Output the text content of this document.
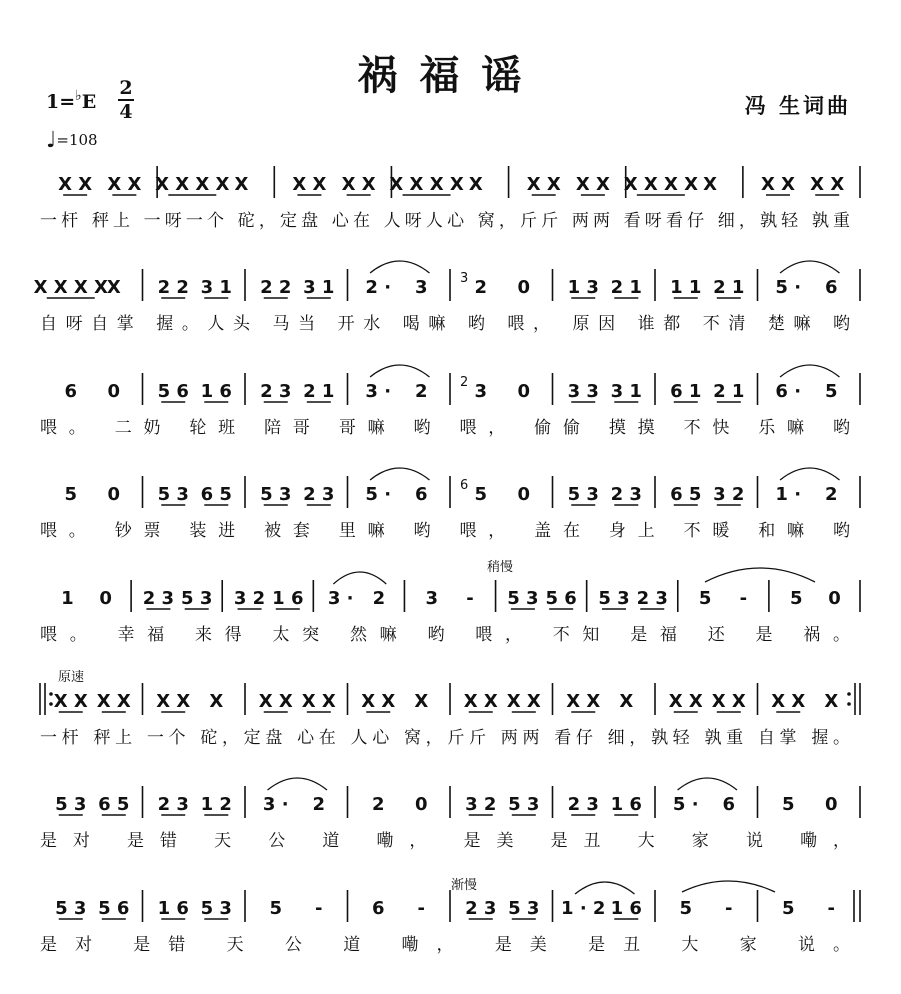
祸福谣
冯 生词曲
1=♭E
2
4
♩=108
X X X X X X X X X X X X X X X X X X X X X X X X X X X X X X X
一杆 秤上 一呀一个 砣，定盘 心在 人呀人心 窝，斤斤 两两 看呀看仔 细，孰轻 孰重
X X X X
X 2 2 3 1 2 2 3 1 2 · 3	2 0
3	1 3 2 1 1 1 2 1 5 · 6
自呀自掌 握。人头 马当 开水 喝嘛 哟 喂， 原因 谁都 不清 楚嘛 哟
6 0 5 6 1 6 2 3 2 1 3 · 2	3 0
2	3 3 3 1 6 1 2 1 6 · 5
喂。 二奶 轮班 陪哥 哥嘛 哟 喂， 偷偷 摸摸 不快 乐嘛 哟
5 0 5 3 6 5 5 3 2 3 5 · 6	5 0
6	5 3 2 3 6 5 3 2 1 · 2
喂。 钞票 装进 被套 里嘛 哟 喂， 盖在 身上 不暖 和嘛 哟
1 0 2 3 5 3 3 2 1 6 3 · 2 3 - 5 3 5 6 5 3 2 3 5 - 5 0
喂。 幸福 来得 太突 然嘛 哟 喂， 不知 是福 还 是 祸。
X X X X X X X X X X X X X X X X X X X X X X X X X X X X
一杆 秤上 一个 砣，定盘 心在 人心 窝，斤斤 两两 看仔 细，孰轻 孰重 自掌 握。
5 3 6 5 2 3 1 2 3 · 2	2 0 3 2 5 3 2 3 1 6 5 · 6	5 0
是对 是错 天 公 道 嘞， 是美 是丑 大 家 说 嘞，
5 3 5 6 1 6 5 3 5 -	6 - 2 3 5 3 1 · 2 1 6 5 -	5 -
是对 是错 天 公 道 嘞， 是美 是丑 大 家 说。
稍慢
原速
渐慢
